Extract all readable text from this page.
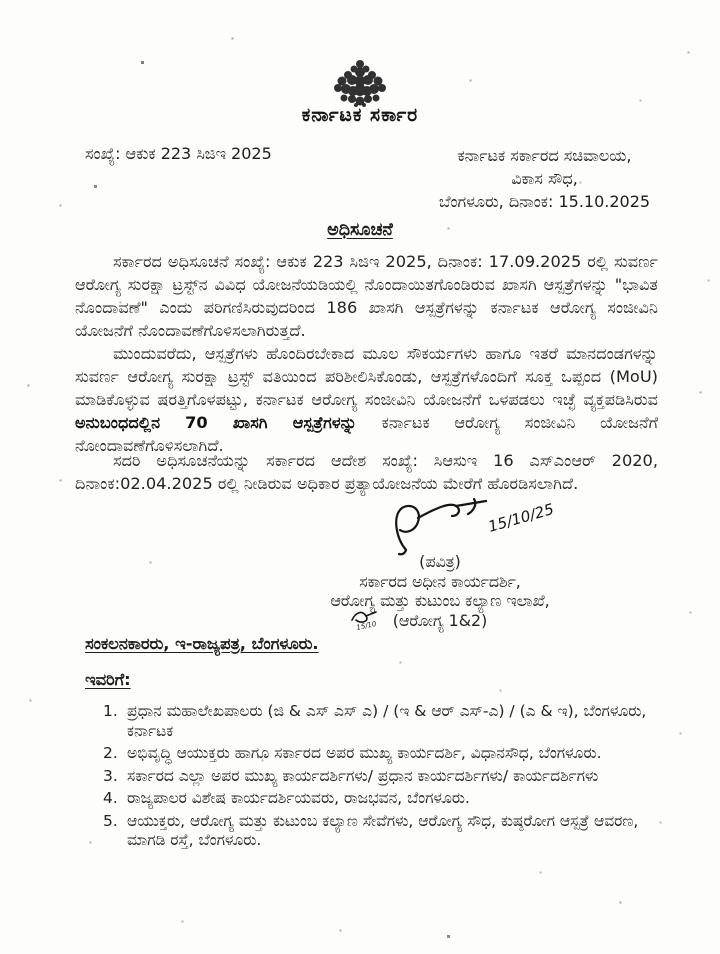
ಕರ್ನಾಟಕ ಸರ್ಕಾರ
ಸಂಖ್ಯೆ: ಆಕುಕ 223 ಸಿಜಿಇ 2025	ಕರ್ನಾಟಕ ಸರ್ಕಾರದ ಸಚಿವಾಲಯ,
ವಿಕಾಸ ಸೌಧ,
ಬೆಂಗಳೂರು, ದಿನಾಂಕ: 15.10.2025
ಅಧಿಸೂಚನೆ

ಸರ್ಕಾರದ ಅಧಿಸೂಚನೆ ಸಂಖ್ಯೆ: ಆಕುಕ 223 ಸಿಜಿಇ 2025, ದಿನಾಂಕ: 17.09.2025 ರಲ್ಲಿ ಸುವರ್ಣ ಆರೋಗ್ಯ ಸುರಕ್ಷಾ ಟ್ರಸ್ಟ್‌ನ ವಿವಿಧ ಯೋಜನೆಯಡಿಯಲ್ಲಿ ನೊಂದಾಯಿತಗೊಂಡಿರುವ ಖಾಸಗಿ ಆಸ್ಪತ್ರೆಗಳನ್ನು "ಭಾವಿತ ನೊಂದಾವಣೆ" ಎಂದು ಪರಿಗಣಿಸಿರುವುದರಿಂದ 186 ಖಾಸಗಿ ಆಸ್ಪತ್ರೆಗಳನ್ನು ಕರ್ನಾಟಕ ಆರೋಗ್ಯ ಸಂಜೀವಿನಿ ಯೋಜನೆಗೆ ನೊಂದಾವಣೆಗೊಳಿಸಲಾಗಿರುತ್ತದೆ.

ಮುಂದುವರೆದು, ಆಸ್ಪತ್ರೆಗಳು ಹೊಂದಿರಬೇಕಾದ ಮೂಲ ಸೌಕರ್ಯಗಳು ಹಾಗೂ ಇತರೆ ಮಾನದಂಡಗಳನ್ನು ಸುವರ್ಣ ಆರೋಗ್ಯ ಸುರಕ್ಷಾ ಟ್ರಸ್ಟ್ ವತಿಯಿಂದ ಪರಿಶೀಲಿಸಿಕೊಂಡು, ಆಸ್ಪತ್ರೆಗಳೊಂದಿಗೆ ಸೂಕ್ತ ಒಪ್ಪಂದ (MoU) ಮಾಡಿಕೊಳ್ಳುವ ಷರತ್ತಿಗೊಳಪಟ್ಟು, ಕರ್ನಾಟಕ ಆರೋಗ್ಯ ಸಂಜೀವಿನಿ ಯೋಜನೆಗೆ ಒಳಪಡಲು ಇಚ್ಛೆ ವ್ಯಕ್ತಪಡಿಸಿರುವ ಅನುಬಂಧದಲ್ಲಿನ 70 ಖಾಸಗಿ ಆಸ್ಪತ್ರೆಗಳನ್ನು ಕರ್ನಾಟಕ ಆರೋಗ್ಯ ಸಂಜೀವಿನಿ ಯೋಜನೆಗೆ ನೋಂದಾವಣೆಗೊಳಿಸಲಾಗಿದೆ.

ಸದರಿ ಅಧಿಸೂಚನೆಯನ್ನು ಸರ್ಕಾರದ ಆದೇಶ ಸಂಖ್ಯೆ: ಸಿಆಸುಇ 16 ಎಸ್ಎಂಆರ್ 2020, ದಿನಾಂಕ:02.04.2025 ರಲ್ಲಿ ನೀಡಿರುವ ಅಧಿಕಾರ ಪ್ರತ್ಯಾಯೋಜನೆಯ ಮೇರೆಗೆ ಹೊರಡಿಸಲಾಗಿದೆ.

15/10/25
(ಪವಿತ್ರ)
ಸರ್ಕಾರದ ಅಧೀನ ಕಾರ್ಯದರ್ಶಿ,
ಆರೋಗ್ಯ ಮತ್ತು ಕುಟುಂಬ ಕಲ್ಯಾಣ ಇಲಾಖೆ,
(ಆರೋಗ್ಯ 1&2)
15/10

ಸಂಕಲನಕಾರರು, ಇ-ರಾಜ್ಯಪತ್ರ, ಬೆಂಗಳೂರು.

ಇವರಿಗೆ:

1. ಪ್ರಧಾನ ಮಹಾಲೇಖಪಾಲರು (ಜಿ & ಎಸ್ ಎಸ್ ಎ) / (ಇ & ಆರ್ ಎಸ್-ಎ) / (ಎ & ಇ), ಬೆಂಗಳೂರು, ಕರ್ನಾಟಕ
2. ಅಭಿವೃದ್ಧಿ ಆಯುಕ್ತರು ಹಾಗೂ ಸರ್ಕಾರದ ಅಪರ ಮುಖ್ಯ ಕಾರ್ಯದರ್ಶಿ, ವಿಧಾನಸೌಧ, ಬೆಂಗಳೂರು.
3. ಸರ್ಕಾರದ ಎಲ್ಲಾ ಅಪರ ಮುಖ್ಯ ಕಾರ್ಯದರ್ಶಿಗಳು/ ಪ್ರಧಾನ ಕಾರ್ಯದರ್ಶಿಗಳು/ ಕಾರ್ಯದರ್ಶಿಗಳು
4. ರಾಜ್ಯಪಾಲರ ವಿಶೇಷ ಕಾರ್ಯದರ್ಶಿಯವರು, ರಾಜಭವನ, ಬೆಂಗಳೂರು.
5. ಆಯುಕ್ತರು, ಆರೋಗ್ಯ ಮತ್ತು ಕುಟುಂಬ ಕಲ್ಯಾಣ ಸೇವೆಗಳು, ಆರೋಗ್ಯ ಸೌಧ, ಕುಷ್ಠರೋಗ ಆಸ್ಪತ್ರೆ ಆವರಣ, ಮಾಗಡಿ ರಸ್ತೆ, ಬೆಂಗಳೂರು.
